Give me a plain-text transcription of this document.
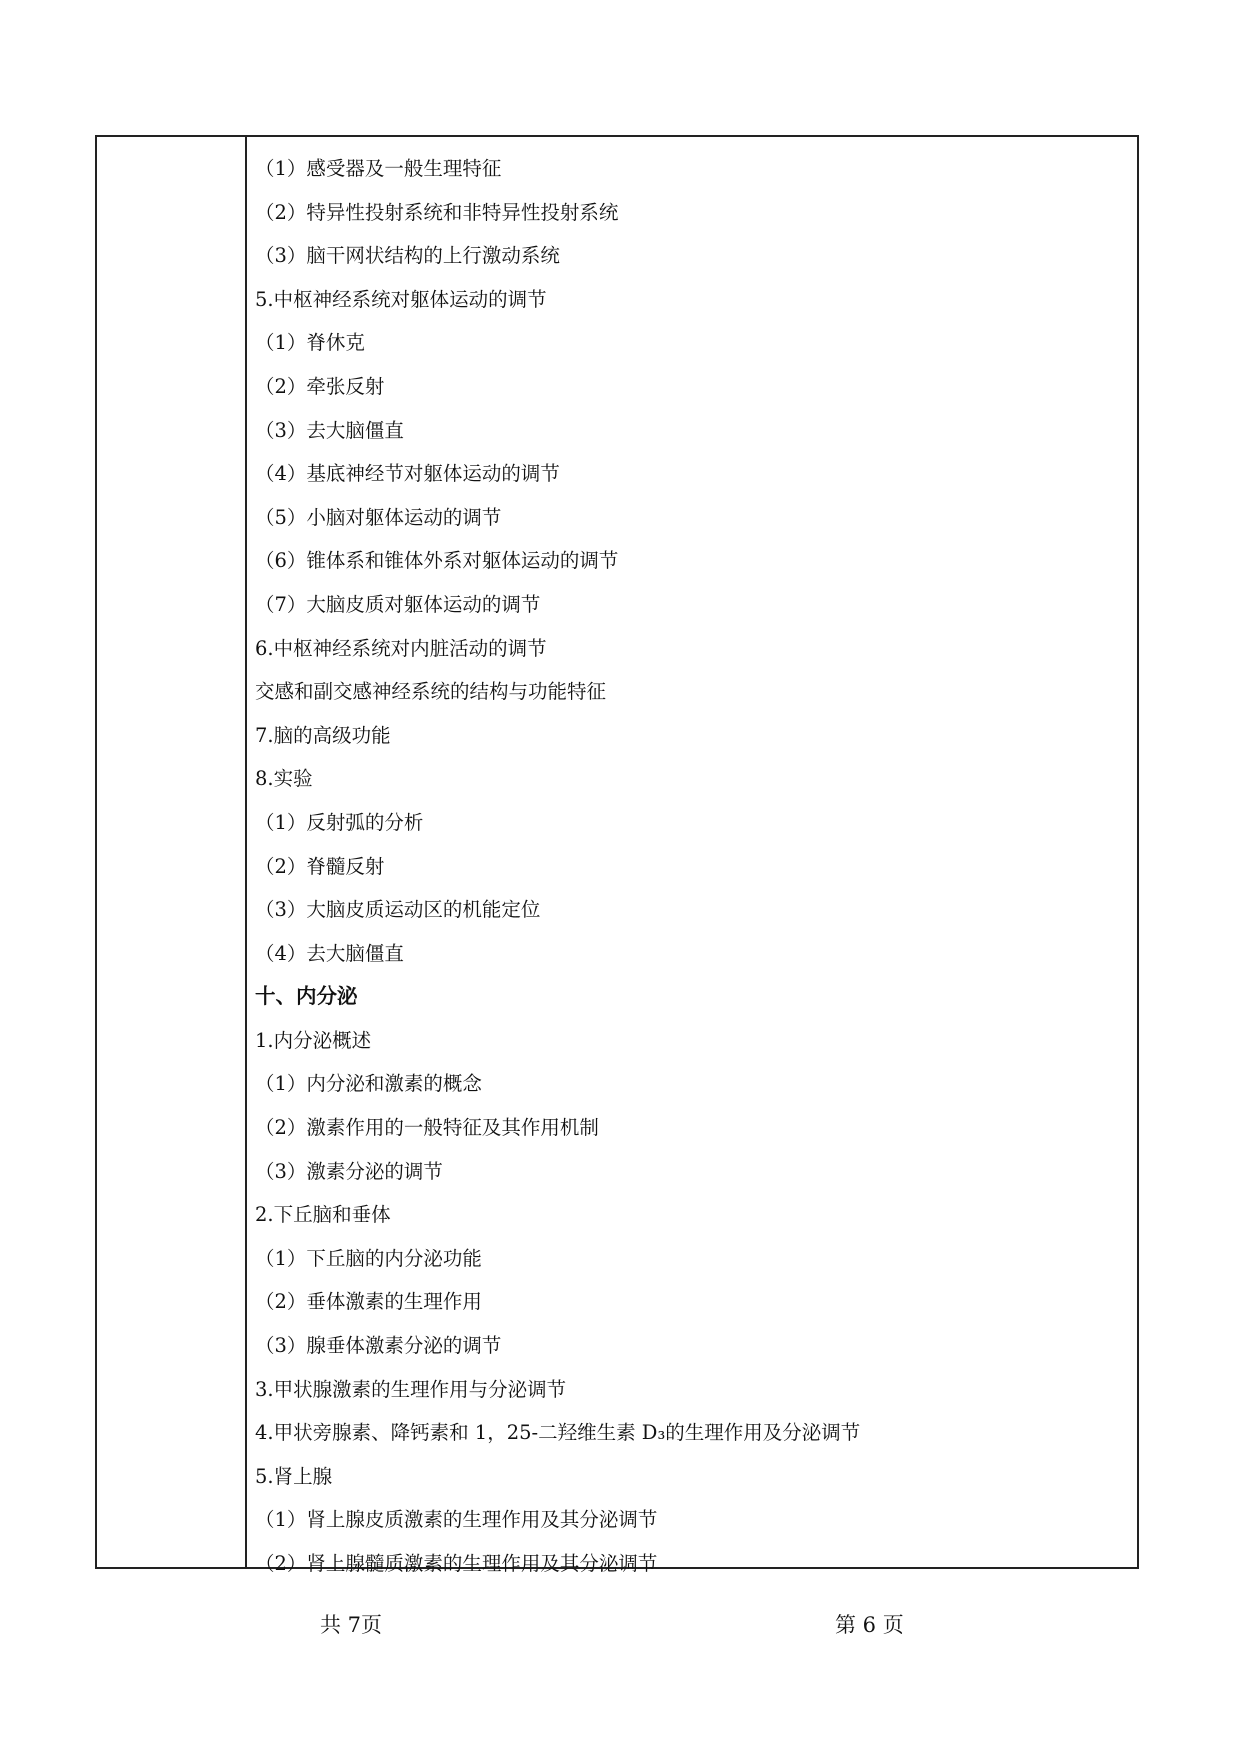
（1）感受器及一般生理特征
（2）特异性投射系统和非特异性投射系统
（3）脑干网状结构的上行激动系统
5.中枢神经系统对躯体运动的调节
（1）脊休克
（2）牵张反射
（3）去大脑僵直
（4）基底神经节对躯体运动的调节
（5）小脑对躯体运动的调节
（6）锥体系和锥体外系对躯体运动的调节
（7）大脑皮质对躯体运动的调节
6.中枢神经系统对内脏活动的调节
交感和副交感神经系统的结构与功能特征
7.脑的高级功能
8.实验
（1）反射弧的分析
（2）脊髓反射
（3）大脑皮质运动区的机能定位
（4）去大脑僵直
十、内分泌
1.内分泌概述
（1）内分泌和激素的概念
（2）激素作用的一般特征及其作用机制
（3）激素分泌的调节
2.下丘脑和垂体
（1）下丘脑的内分泌功能
（2）垂体激素的生理作用
（3）腺垂体激素分泌的调节
3.甲状腺激素的生理作用与分泌调节
4.甲状旁腺素、降钙素和 1，25-二羟维生素 D₃的生理作用及分泌调节
5.肾上腺
（1）肾上腺皮质激素的生理作用及其分泌调节
（2）肾上腺髓质激素的生理作用及其分泌调节
共 7页	第 6 页
